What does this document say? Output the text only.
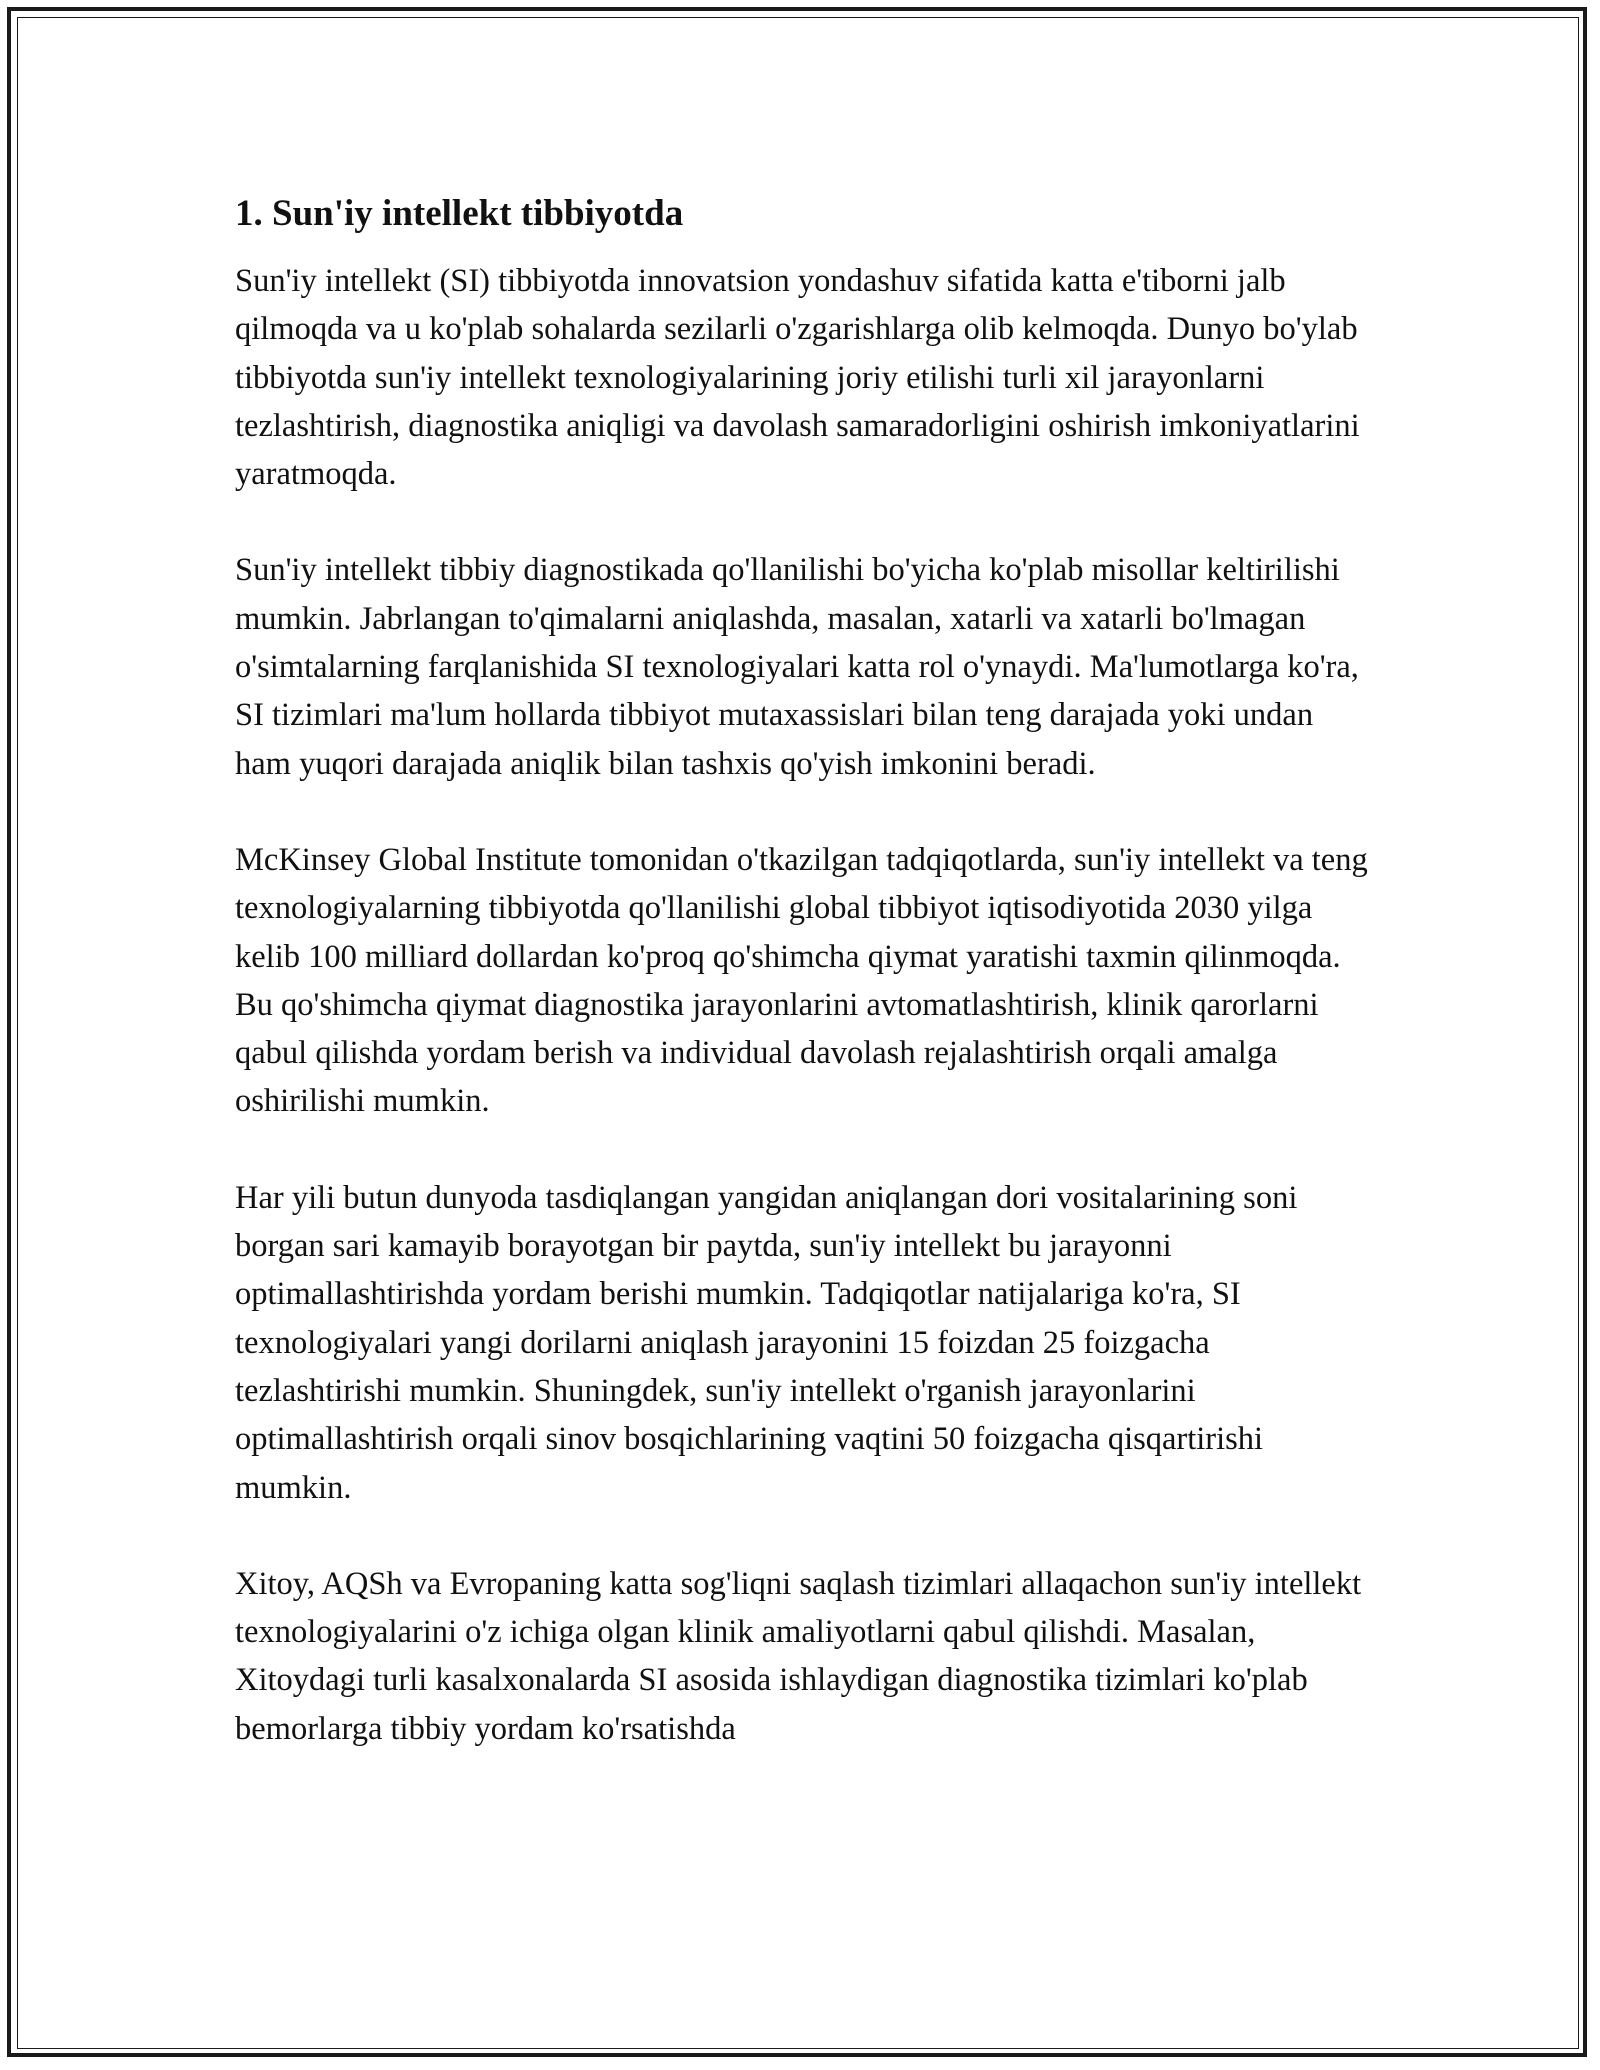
1. Sun'iy intellekt tibbiyotda

Sun'iy intellekt (SI) tibbiyotda innovatsion yondashuv sifatida katta e'tiborni jalb qilmoqda va u ko'plab sohalarda sezilarli o'zgarishlarga olib kelmoqda. Dunyo bo'ylab tibbiyotda sun'iy intellekt texnologiyalarining joriy etilishi turli xil jarayonlarni tezlashtirish, diagnostika aniqligi va davolash samaradorligini oshirish imkoniyatlarini yaratmoqda.

Sun'iy intellekt tibbiy diagnostikada qo'llanilishi bo'yicha ko'plab misollar keltirilishi mumkin. Jabrlangan to'qimalarni aniqlashda, masalan, xatarli va xatarli bo'lmagan o'simtalarning farqlanishida SI texnologiyalari katta rol o'ynaydi. Ma'lumotlarga ko'ra, SI tizimlari ma'lum hollarda tibbiyot mutaxassislari bilan teng darajada yoki undan ham yuqori darajada aniqlik bilan tashxis qo'yish imkonini beradi.

McKinsey Global Institute tomonidan o'tkazilgan tadqiqotlarda, sun'iy intellekt va teng texnologiyalarning tibbiyotda qo'llanilishi global tibbiyot iqtisodiyotida 2030 yilga kelib 100 milliard dollardan ko'proq qo'shimcha qiymat yaratishi taxmin qilinmoqda. Bu qo'shimcha qiymat diagnostika jarayonlarini avtomatlashtirish, klinik qarorlarni qabul qilishda yordam berish va individual davolash rejalashtirish orqali amalga oshirilishi mumkin.

Har yili butun dunyoda tasdiqlangan yangidan aniqlangan dori vositalarining soni borgan sari kamayib borayotgan bir paytda, sun'iy intellekt bu jarayonni optimallashtirishda yordam berishi mumkin. Tadqiqotlar natijalariga ko'ra, SI texnologiyalari yangi dorilarni aniqlash jarayonini 15 foizdan 25 foizgacha tezlashtirishi mumkin. Shuningdek, sun'iy intellekt o'rganish jarayonlarini optimallashtirish orqali sinov bosqichlarining vaqtini 50 foizgacha qisqartirishi mumkin.

Xitoy, AQSh va Evropaning katta sog'liqni saqlash tizimlari allaqachon sun'iy intellekt texnologiyalarini o'z ichiga olgan klinik amaliyotlarni qabul qilishdi. Masalan, Xitoydagi turli kasalxonalarda SI asosida ishlaydigan diagnostika tizimlari ko'plab bemorlarga tibbiy yordam ko'rsatishda
